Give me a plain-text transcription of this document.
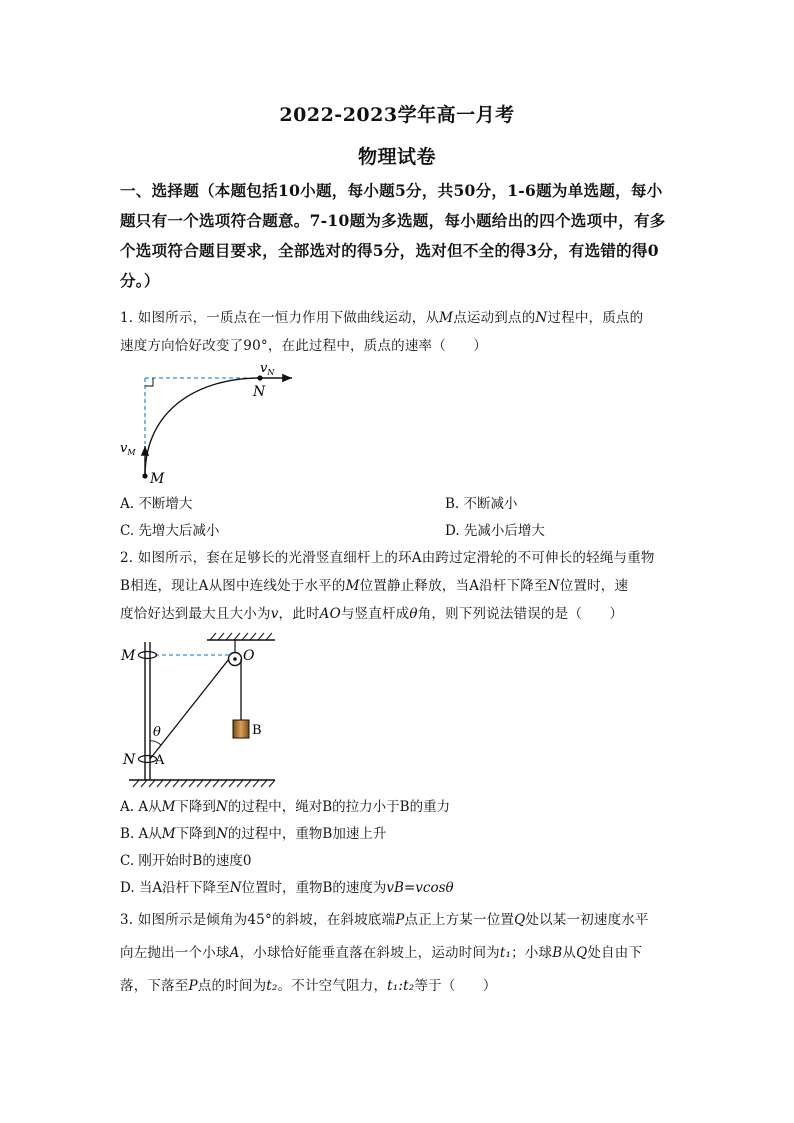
2022-2023学年高一月考
物理试卷
一、选择题（本题包括10小题，每小题5分，共50分，1-6题为单选题，每小
题只有一个选项符合题意。7-10题为多选题，每小题给出的四个选项中，有多
个选项符合题目要求，全部选对的得5分，选对但不全的得3分，有选错的得0
分。）
1. 如图所示，一质点在一恒力作用下做曲线运动，从M点运动到点的N过程中，质点的
速度方向恰好改变了90°，在此过程中，质点的速率（　　）
$v_N$
N
$v_M$
M
A. 不断增大	B. 不断减小
C. 先增大后减小	D. 先减小后增大
2. 如图所示，套在足够长的光滑竖直细杆上的环A由跨过定滑轮的不可伸长的轻绳与重物
B相连，现让A从图中连线处于水平的M位置静止释放，当A沿杆下降至N位置时，速
度恰好达到最大且大小为v，此时AO与竖直杆成θ角，则下列说法错误的是（　　）
M	O
θ	B
N A
A. A从M下降到N的过程中，绳对B的拉力小于B的重力
B. A从M下降到N的过程中，重物B加速上升
C. 刚开始时B的速度0
D. 当A沿杆下降至N位置时，重物B的速度为vB=vcosθ
3. 如图所示是倾角为45°的斜坡，在斜坡底端P点正上方某一位置Q处以某一初速度水平
向左抛出一个小球A，小球恰好能垂直落在斜坡上，运动时间为t₁；小球B从Q处自由下
落，下落至P点的时间为t₂。不计空气阻力，t₁:t₂等于（　　）
